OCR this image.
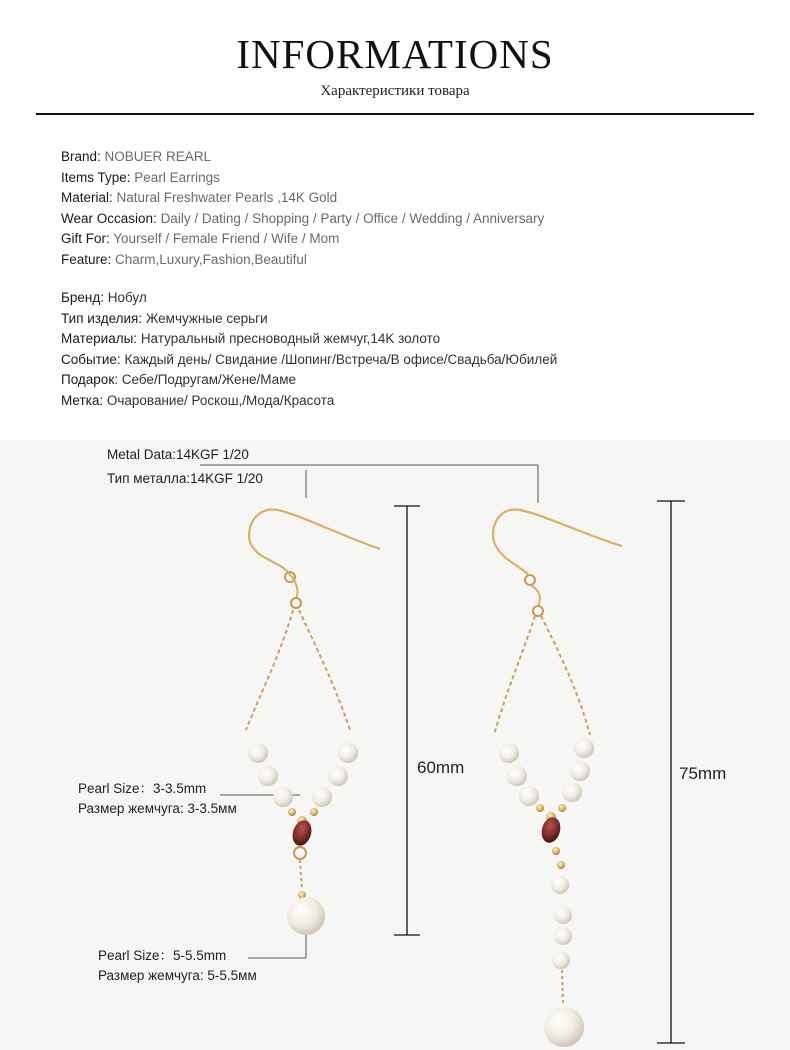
INFORMATIONS
Характеристики товара
Brand: NOBUER REARL
Items Type: Pearl Earrings
Material: Natural Freshwater Pearls ,14K Gold
Wear Occasion: Daily / Dating / Shopping / Party / Office / Wedding / Anniversary
Gift For: Yourself / Female Friend / Wife / Mom
Feature: Charm,Luxury,Fashion,Beautiful
Бренд: Нобул
Тип изделия: Жемчужные серьги
Материалы: Натуральный пресноводный жемчуг,14K золото
Событие: Каждый день/ Свидание /Шопинг/Встреча/В офисе/Свадьба/Юбилей
Подарок: Себе/Подругам/Жене/Маме
Метка: Очарование/ Роскош,/Мода/Красота
Metal Data:14KGF 1/20
Тип металла:14KGF 1/20
Pearl Size：3-3.5mm
Размер жемчуга: 3-3.5мм
Pearl Size：5-5.5mm
Размер жемчуга: 5-5.5мм
60mm	75mm
